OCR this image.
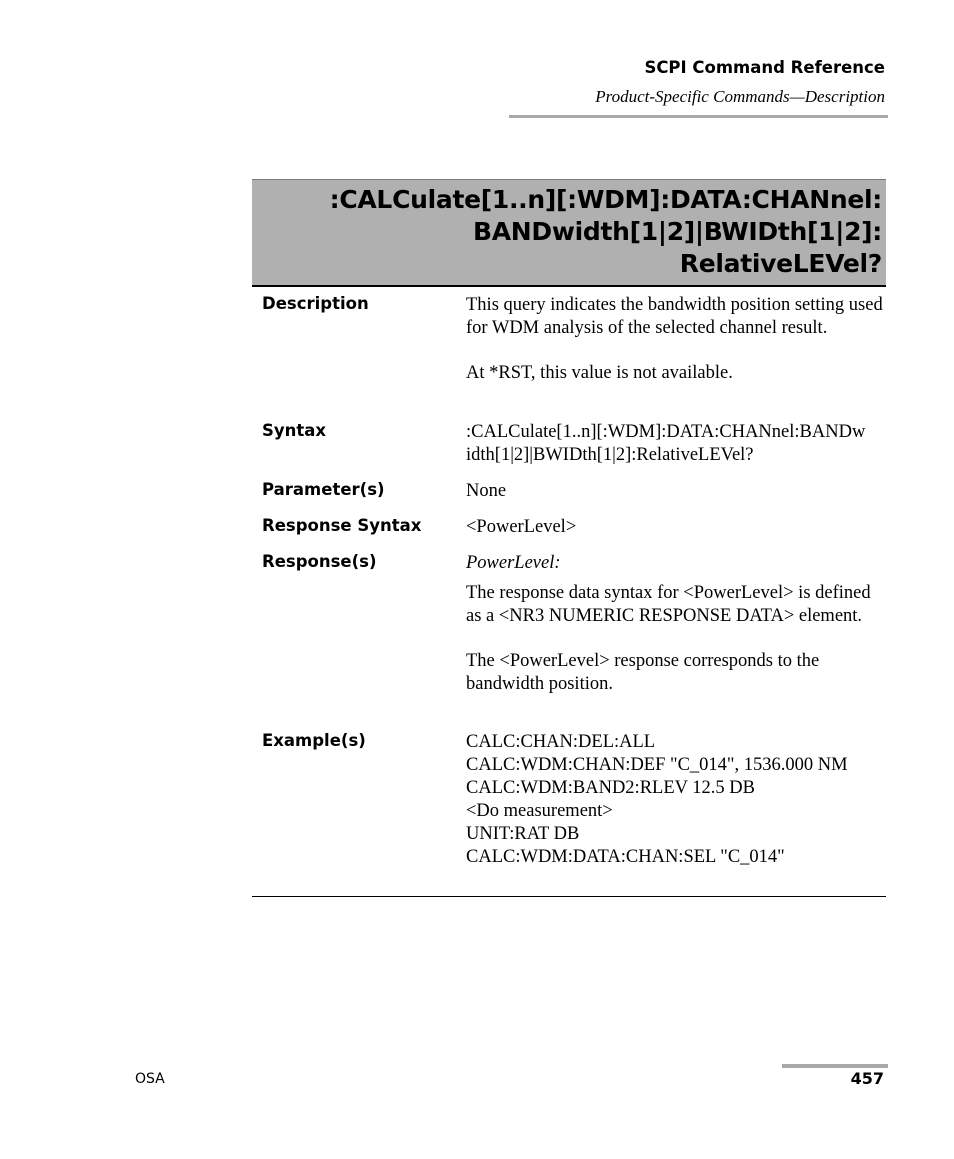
SCPI Command Reference
Product-Specific Commands—Description
:CALCulate[1..n][:WDM]:DATA:CHANnel:
BANDwidth[1|2]|BWIDth[1|2]:
RelativeLEVel?
Description	This query indicates the bandwidth position setting used for WDM analysis of the selected channel result.

At *RST, this value is not available.

Syntax	:CALCulate[1..n][:WDM]:DATA:CHANnel:BANDw

idth[1|2]|BWIDth[1|2]:RelativeLEVel?

Parameter(s)	None
Response Syntax <PowerLevel>
Response(s)	PowerLevel:

The response data syntax for <PowerLevel> is defined as a <NR3 NUMERIC RESPONSE DATA> element.

The <PowerLevel> response corresponds to the bandwidth position.

Example(s)	CALC:CHAN:DEL:ALL

CALC:WDM:CHAN:DEF "C_014", 1536.000 NM

CALC:WDM:BAND2:RLEV 12.5 DB

<Do measurement>

UNIT:RAT DB

CALC:WDM:DATA:CHAN:SEL "C_014"

OSA	457
